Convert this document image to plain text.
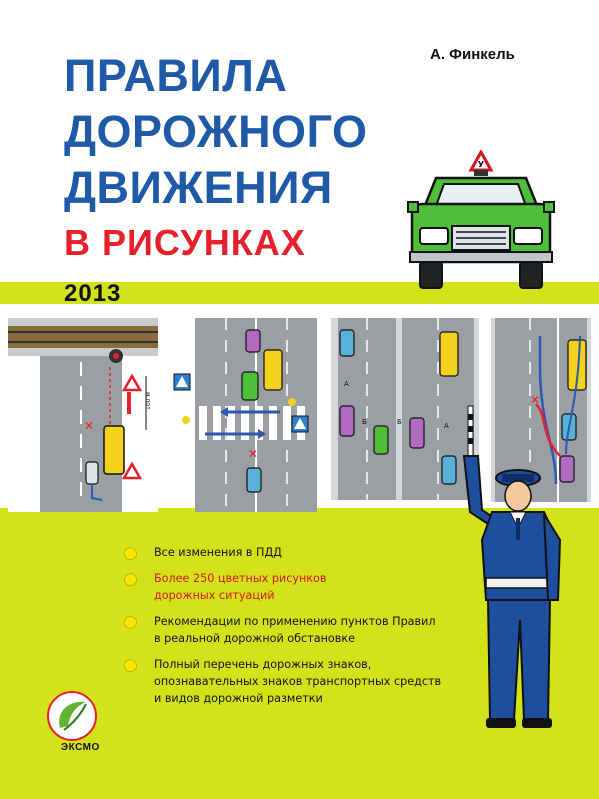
А. Финкель
ПРАВИЛА
ДОРОЖНОГО
ДВИЖЕНИЯ
В РИСУНКАХ
2013
У
100 м
✕
✕
А
Б	Б	А
✕
Все изменения в ПДД
Более 250 цветных рисунков
дорожных ситуаций
Рекомендации по применению пунктов Правил
в реальной дорожной обстановке
Полный перечень дорожных знаков,
опознавательных знаков транспортных средств
и видов дорожной разметки
ЭКСМО
